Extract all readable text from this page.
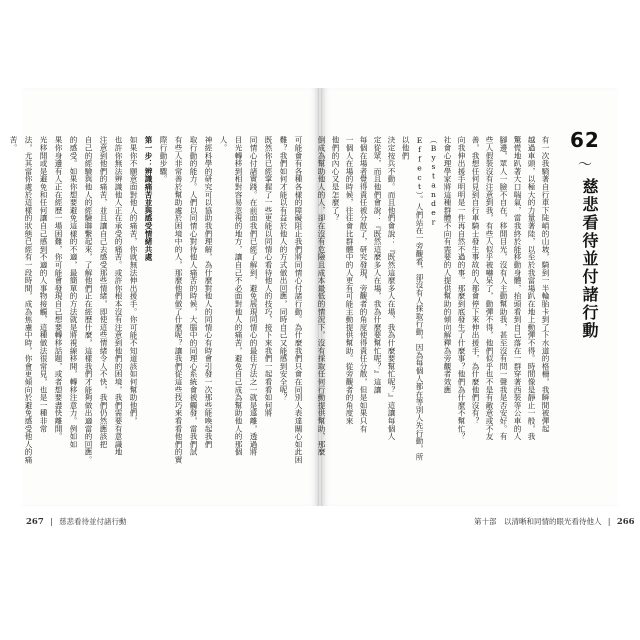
62
〜
慈悲看待並付諸行動
有一次我騎著自行車下陡峭的山坡，騎到一半輪胎卡到了下水道的格柵，我瞬間被彈起
越過車頭，以極大的力量著陸，以至於我當場趴在地上動彈不得。時間像是靜止一般，我
驚慌地趴著大口喘氣，當我終於能移動身體，抬頭看到自己落在一群穿著西裝等公車的人
腳邊，眾人一臉不自在，移開目光，沒有人主動幫助我，甚至沒有問一聲我是否安好。有
些人假裝沒有注意到我，有些人似乎被嚇呆了，動彈不得，他們似乎也不是有敵意或不友
善，我想任何見到自行車騎士發生事故的人都會停下來伸出援手，為什麼他們沒有？
向我伸出援手明明是一件再自然不過的事。那麼到底發生了什麼事？他們為什麼不幫忙？
社會心理學家將這種群體不向有需要的人提供幫助的傾向解釋為旁觀者效應（Bystander
Effect）。人們站在一旁觀看，卻沒有人採取行動，因為每個人都在等別人先行動，所以他們
決定按兵不動。而且他們會說：『既然這麼多人在場，我為什麼要幫忙呢？』這讓每個人
定從眾，而且他們會說：『既然這麼多人在場，我為什麼要幫忙呢？』這讓
每個在場者覺得責任被分散了，研究發現，旁觀者的角度使得責任分散，但是如果只有
一個人在場的時候，往往會比群體中的人更有可能主動提供幫助。從旁觀者的角度來
他們的內心又是怎麼了？
倒成為幫助他人的人，卻在沒有危險且成本最低的情況下，沒有採取任何行動提供幫助，那麼
可能會有各種各樣的障礙阻止我們將同情心付諸行動。為什麼我們只會在同別人表達關心如此困
難？我們如何才能以有益於他人的方式做出回應，同時自己又能感到安全呢？
既然你已經掌握了一些更能以同情心看待他人的技巧，接下來我們一起看看如何將
同情心付諸實踐。在前面我們已經了解到，避免展現同情心的最佳方法之一就是遠離，透過將
目光轉移到相對容易忽視的地方，讓自己不必面對他人的痛苦，避免自己成為幫助他人的那個人。
神經科學的研究可以協助我們理解，為什麼對他人的同情心有時會引發一次那些能喚起我們
取行動的能力。人們以同情心對待他人痛苦的時候，大腦中的同理心系統會被觸發，當我們試
有些人非常善於幫助處於困境中的人，那麼他們做了什麼呢？讓我們從這些技巧來看看他們的實際行動步驟。
第一步：辨識痛苦並與感受情緒共處
如果你不願意面對他人的痛苦，你就無法伸出援手。你可能不知道該如何幫助他們，
也許你無法辨識他人正在承受的痛苦。或許你根本沒有注意到他們的困境，我們需要有意識地
注意到他們的痛苦，並且讓自己去感受那些情緒，即使這些情緒令人不快，我們仍然應該把
自己的經驗與他人的經驗聯繫起來，了解他們正在經歷什麼，這樣我們才能夠做出適當的回應。
的感受。如果你想要避免這樣的不適，最簡單的方法就是將視線移開，轉移注意力。例如如
果你身邊有人正在經歷一場困難，你可能會發現自己想要轉移話題，或者想要盡快離開。
光移開或是避免和任何讓自己感到不適的人事物接觸，這種做法很常見，也是一種非常
法，尤其當你處於這樣的狀態已經有一段時間，成為焦慮中時，你會更傾向於避免感受他人的痛苦。
267 | 慈悲看待並付諸行動	第十部　以清晰和同情的眼光看待他人 | 266
